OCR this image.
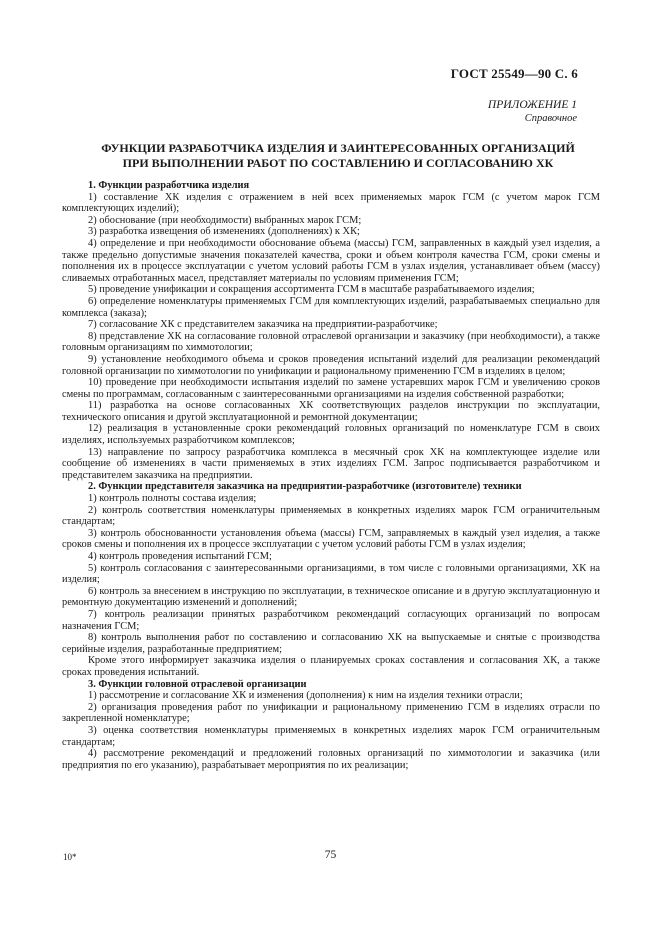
ГОСТ 25549—90 С. 6
ПРИЛОЖЕНИЕ 1
Справочное
ФУНКЦИИ РАЗРАБОТЧИКА ИЗДЕЛИЯ И ЗАИНТЕРЕСОВАННЫХ ОРГАНИЗАЦИЙ
ПРИ ВЫПОЛНЕНИИ РАБОТ ПО СОСТАВЛЕНИЮ И СОГЛАСОВАНИЮ ХК

1. Функции разработчика изделия

1) составление ХК изделия с отражением в ней всех применяемых марок ГСМ (с учетом марок ГСМ комплектующих изделий);

2) обоснование (при необходимости) выбранных марок ГСМ;

3) разработка извещения об изменениях (дополнениях) к ХК;

4) определение и при необходимости обоснование объема (массы) ГСМ, заправленных в каждый узел изделия, а также предельно допустимые значения показателей качества, сроки и объем контроля качества ГСМ, сроки смены и пополнения их в процессе эксплуатации с учетом условий работы ГСМ в узлах изделия, устанавливает объем (массу) сливаемых отработанных масел, представляет материалы по условиям применения ГСМ;

5) проведение унификации и сокращения ассортимента ГСМ в масштабе разрабатываемого изделия;

6) определение номенклатуры применяемых ГСМ для комплектующих изделий, разрабатываемых специально для комплекса (заказа);

7) согласование ХК с представителем заказчика на предприятии-разработчике;

8) представление ХК на согласование головной отраслевой организации и заказчику (при необходимости), а также головным организациям по химмотологии;

9) установление необходимого объема и сроков проведения испытаний изделий для реализации рекомендаций головной организации по химмотологии по унификации и рациональному применению ГСМ в изделиях в целом;

10) проведение при необходимости испытания изделий по замене устаревших марок ГСМ и увеличению сроков смены по программам, согласованным с заинтересованными организациями на изделия собственной разработки;

11) разработка на основе согласованных ХК соответствующих разделов инструкции по эксплуатации, технического описания и другой эксплуатационной и ремонтной документации;

12) реализация в установленные сроки рекомендаций головных организаций по номенклатуре ГСМ в своих изделиях, используемых разработчиком комплексов;

13) направление по запросу разработчика комплекса в месячный срок ХК на комплектующее изделие или сообщение об изменениях в части применяемых в этих изделиях ГСМ. Запрос подписывается разработчиком и представителем заказчика на предприятии.

2. Функции представителя заказчика на предприятии-разработчике (изготовителе) техники

1) контроль полноты состава изделия;

2) контроль соответствия номенклатуры применяемых в конкретных изделиях марок ГСМ ограничительным стандартам;

3) контроль обоснованности установления объема (массы) ГСМ, заправляемых в каждый узел изделия, а также сроков смены и пополнения их в процессе эксплуатации с учетом условий работы ГСМ в узлах изделия;

4) контроль проведения испытаний ГСМ;

5) контроль согласования с заинтересованными организациями, в том числе с головными организациями, ХК на изделия;

6) контроль за внесением в инструкцию по эксплуатации, в техническое описание и в другую эксплуатационную и ремонтную документацию изменений и дополнений;

7) контроль реализации принятых разработчиком рекомендаций согласующих организаций по вопросам назначения ГСМ;

8) контроль выполнения работ по составлению и согласованию ХК на выпускаемые и снятые с производства серийные изделия, разработанные предприятием;

Кроме этого информирует заказчика изделия о планируемых сроках составления и согласования ХК, а также сроках проведения испытаний.

3. Функции головной отраслевой организации

1) рассмотрение и согласование ХК и изменения (дополнения) к ним на изделия техники отрасли;

2) организация проведения работ по унификации и рациональному применению ГСМ в изделиях отрасли по закрепленной номенклатуре;

3) оценка соответствия номенклатуры применяемых в конкретных изделиях марок ГСМ ограничительным стандартам;

4) рассмотрение рекомендаций и предложений головных организаций по химмотологии и заказчика (или предприятия по его указанию), разрабатывает мероприятия по их реализации;

10*	75
